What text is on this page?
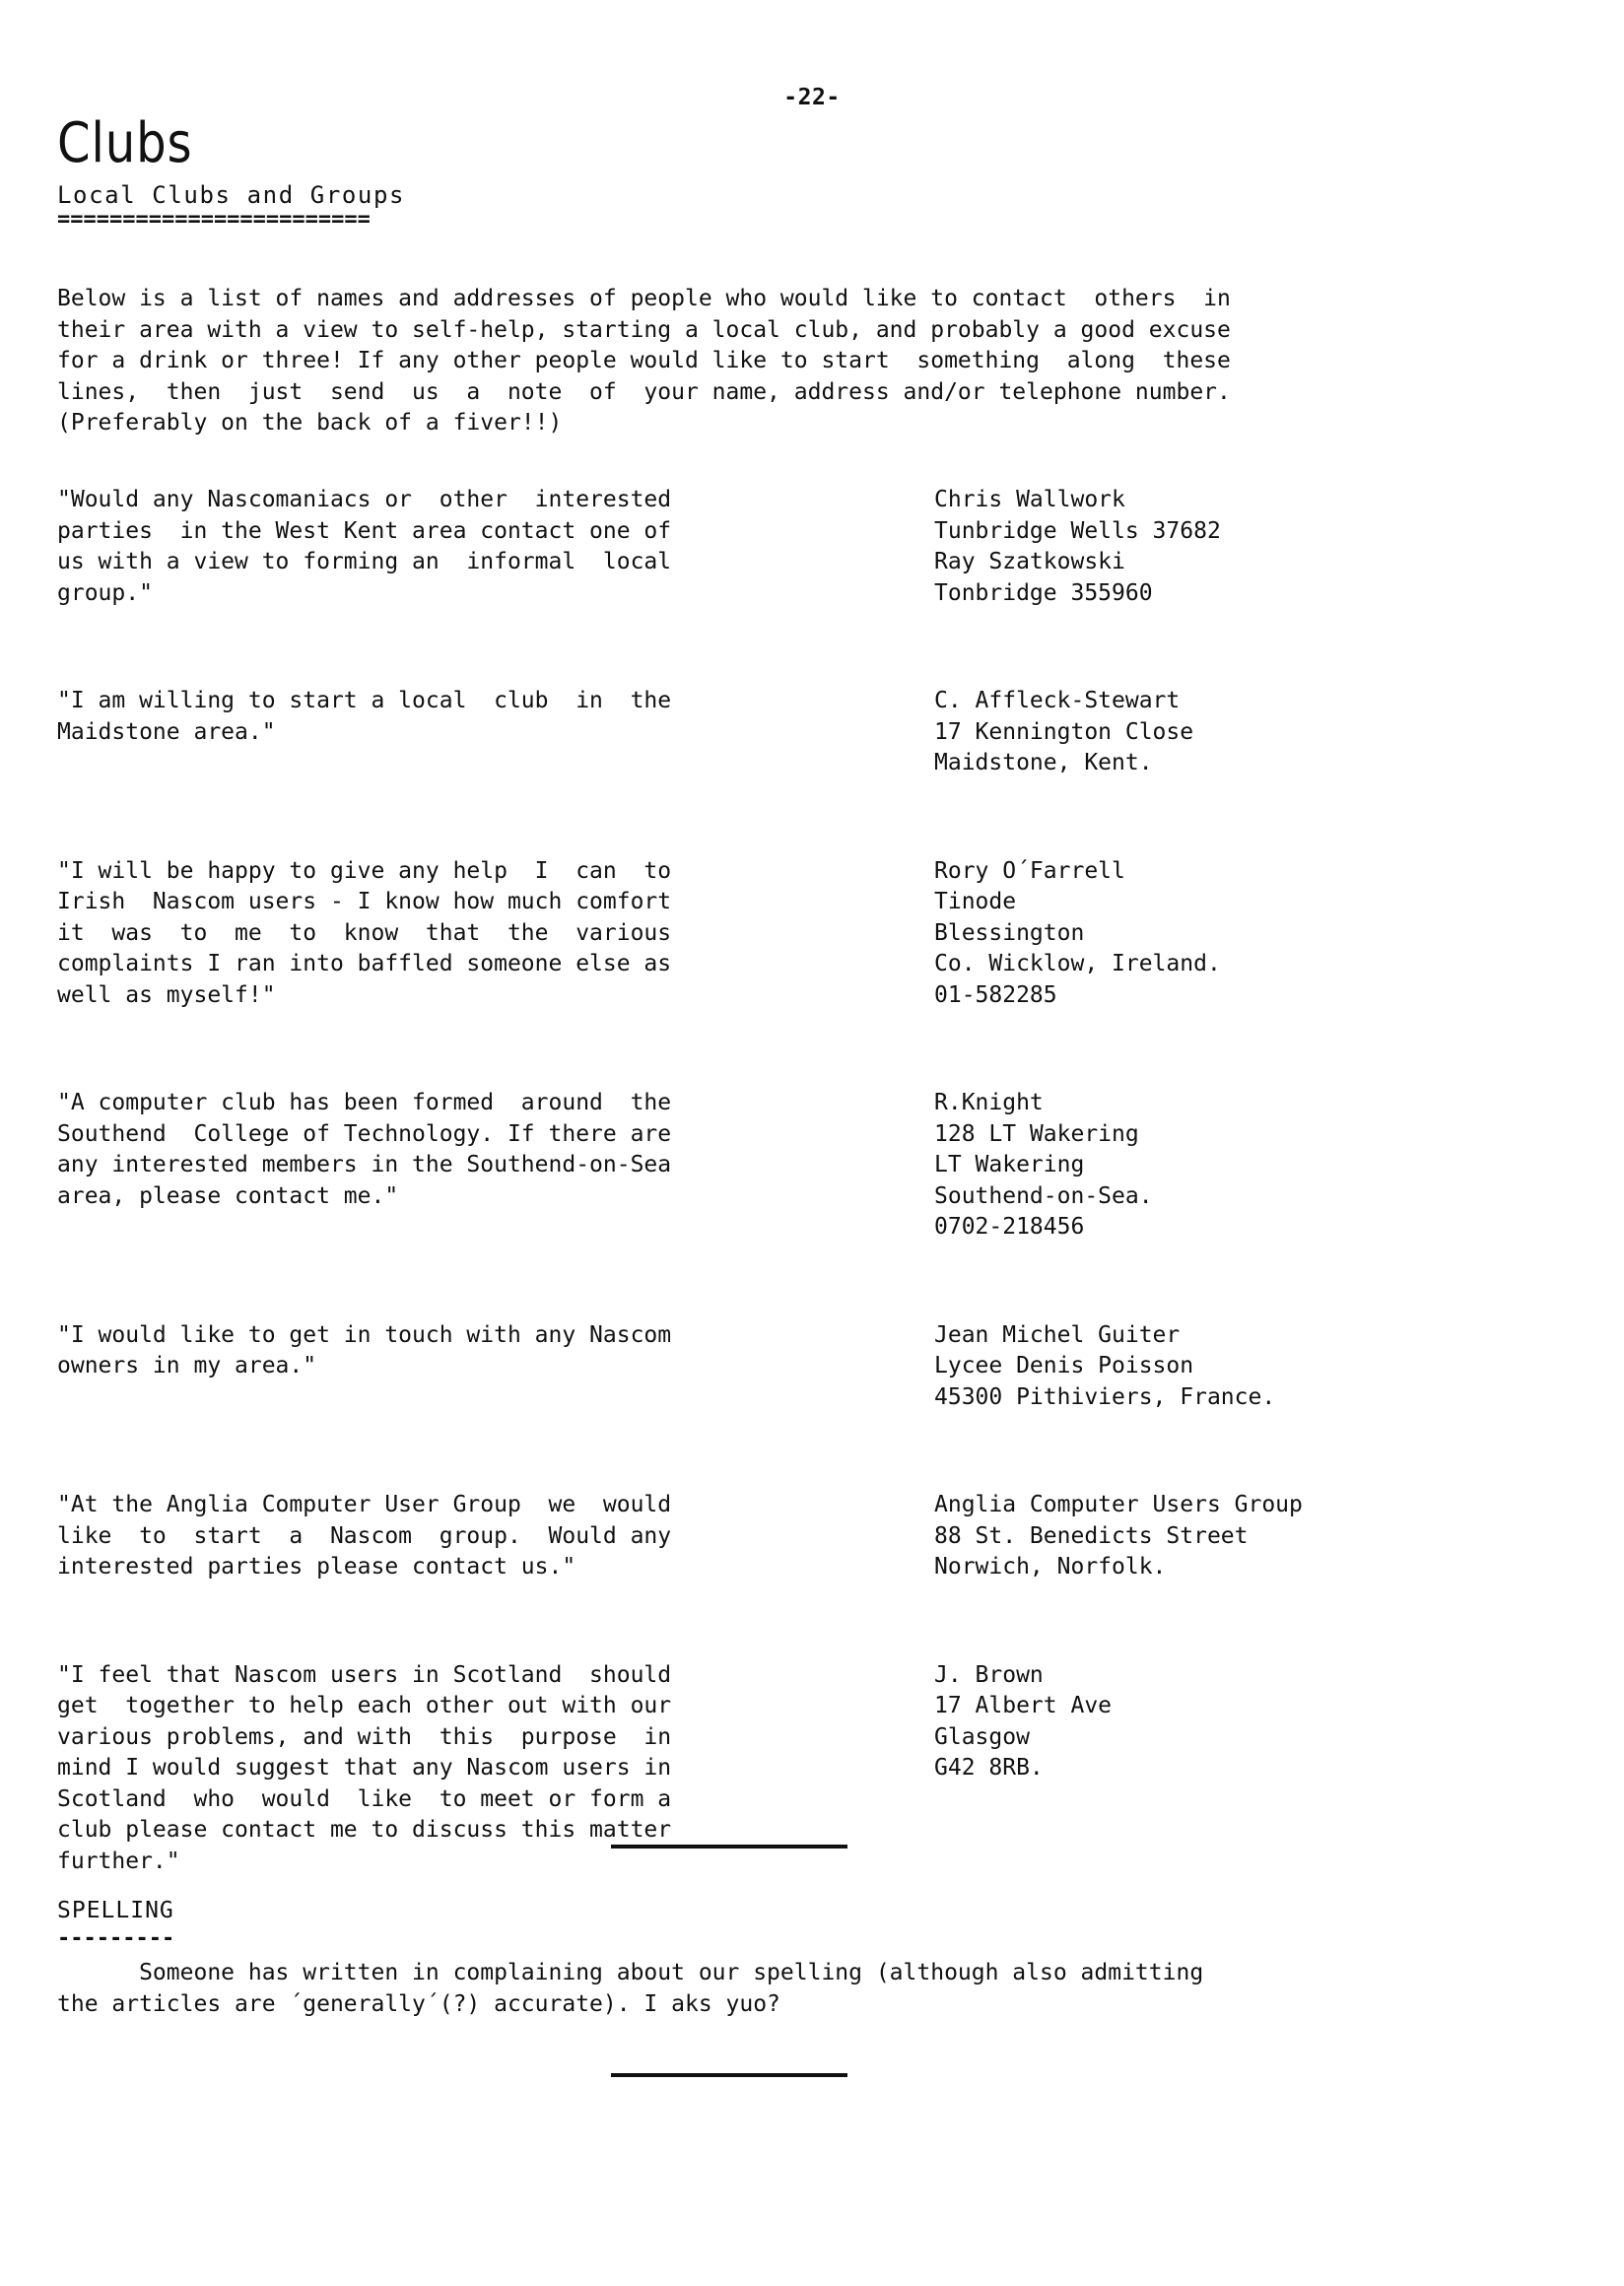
-22-
Clubs
Local Clubs and Groups
========================
Below is a list of names and addresses of people who would like to contact  others  in
their area with a view to self-help, starting a local club, and probably a good excuse
for a drink or three! If any other people would like to start  something  along  these
lines,  then  just  send  us  a  note  of  your name, address and/or telephone number.
(Preferably on the back of a fiver!!)
"Would any Nascomaniacs or  other  interested
parties  in the West Kent area contact one of
us with a view to forming an  informal  local
group."
Chris Wallwork
Tunbridge Wells 37682
Ray Szatkowski
Tonbridge 355960
"I am willing to start a local  club  in  the
Maidstone area."
C. Affleck-Stewart
17 Kennington Close
Maidstone, Kent.
"I will be happy to give any help  I  can  to
Irish  Nascom users - I know how much comfort
it  was  to  me  to  know  that  the  various
complaints I ran into baffled someone else as
well as myself!"
Rory O´Farrell
Tinode
Blessington
Co. Wicklow, Ireland.
01-582285
"A computer club has been formed  around  the
Southend  College of Technology. If there are
any interested members in the Southend-on-Sea
area, please contact me."
R.Knight
128 LT Wakering
LT Wakering
Southend-on-Sea.
0702-218456
"I would like to get in touch with any Nascom
owners in my area."
Jean Michel Guiter
Lycee Denis Poisson
45300 Pithiviers, France.
"At the Anglia Computer User Group  we  would
like  to  start  a  Nascom  group.  Would any
interested parties please contact us."
Anglia Computer Users Group
88 St. Benedicts Street
Norwich, Norfolk.
"I feel that Nascom users in Scotland  should
get  together to help each other out with our
various problems, and with  this  purpose  in
mind I would suggest that any Nascom users in
Scotland  who  would  like  to meet or form a
club please contact me to discuss this matter
further."
J. Brown
17 Albert Ave
Glasgow
G42 8RB.
SPELLING
---------
Someone has written in complaining about our spelling (although also admitting
the articles are ´generally´(?) accurate). I aks yuo?
